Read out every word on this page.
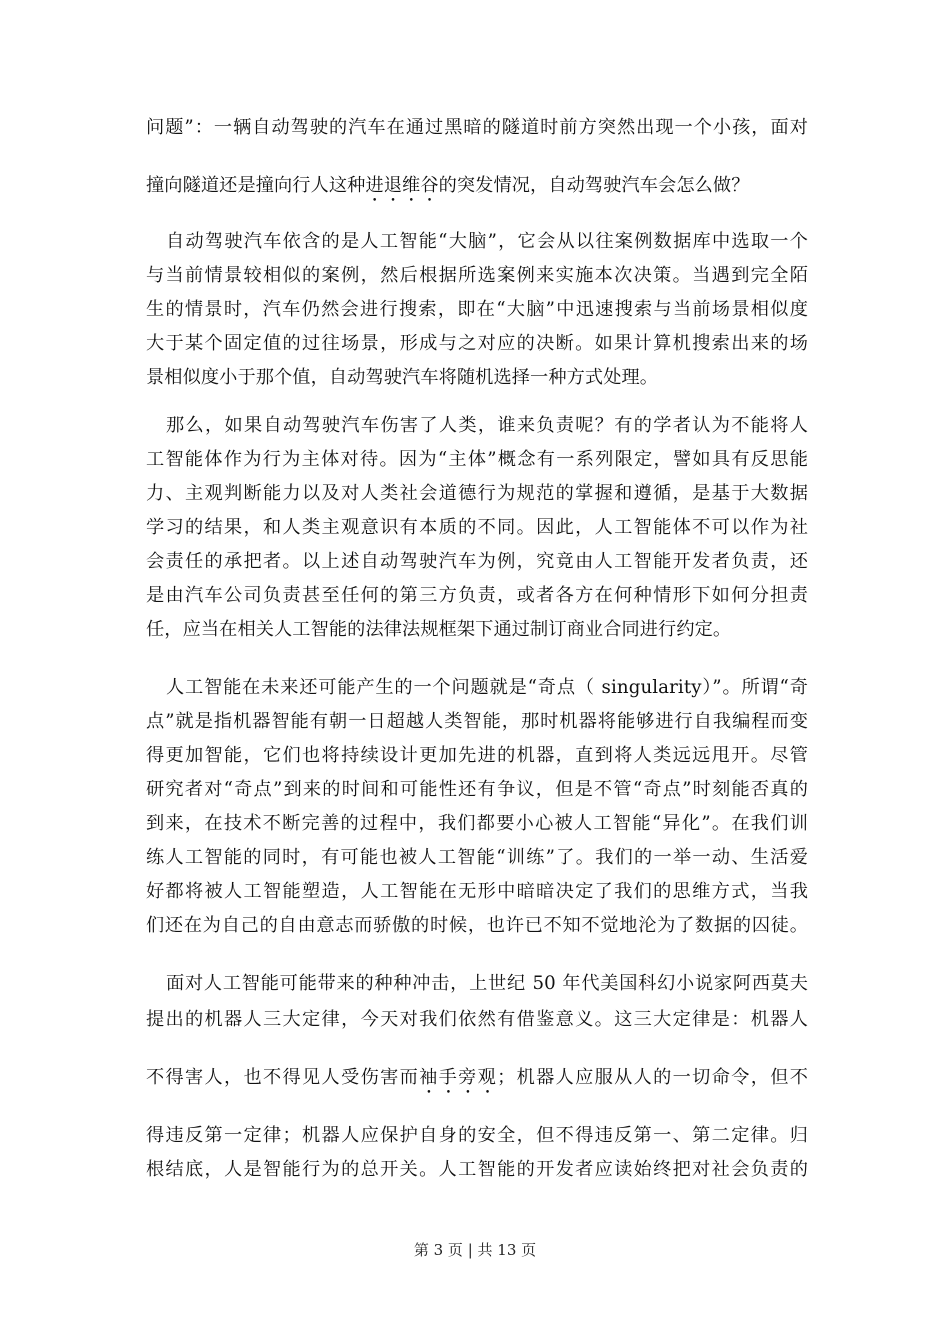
问题”：一辆自动驾驶的汽车在通过黑暗的隧道时前方突然出现一个小孩，面对
撞向隧道还是撞向行人这种进退维谷的突发情况，自动驾驶汽车会怎么做？
自动驾驶汽车依含的是人工智能“大脑”，它会从以往案例数据库中选取一个
与当前情景较相似的案例，然后根据所选案例来实施本次决策。当遇到完全陌
生的情景时，汽车仍然会进行搜索，即在“大脑”中迅速搜索与当前场景相似度
大于某个固定值的过往场景，形成与之对应的决断。如果计算机搜索出来的场
景相似度小于那个值，自动驾驶汽车将随机选择一种方式处理。
那么，如果自动驾驶汽车伤害了人类，谁来负责呢？有的学者认为不能将人
工智能体作为行为主体对待。因为“主体”概念有一系列限定，譬如具有反思能
力、主观判断能力以及对人类社会道德行为规范的掌握和遵循，是基于大数据
学习的结果，和人类主观意识有本质的不同。因此，人工智能体不可以作为社
会责任的承把者。以上述自动驾驶汽车为例，究竟由人工智能开发者负责，还
是由汽车公司负责甚至任何的第三方负责，或者各方在何种情形下如何分担责
任，应当在相关人工智能的法律法规框架下通过制订商业合同进行约定。
人工智能在未来还可能产生的一个问题就是“奇点（ singularity）”。所谓“奇
点”就是指机器智能有朝一日超越人类智能，那时机器将能够进行自我编程而变
得更加智能，它们也将持续设计更加先进的机器，直到将人类远远甩开。尽管
研究者对“奇点”到来的时间和可能性还有争议，但是不管“奇点”时刻能否真的
到来，在技术不断完善的过程中，我们都要小心被人工智能“异化”。在我们训
练人工智能的同时，有可能也被人工智能“训练”了。我们的一举一动、生活爱
好都将被人工智能塑造，人工智能在无形中暗暗决定了我们的思维方式，当我
们还在为自己的自由意志而骄傲的时候，也许已不知不觉地沦为了数据的囚徒。
面对人工智能可能带来的种种冲击，上世纪 50 年代美国科幻小说家阿西莫夫
提出的机器人三大定律，今天对我们依然有借鉴意义。这三大定律是：机器人
不得害人，也不得见人受伤害而袖手旁观；机器人应服从人的一切命令，但不
得违反第一定律；机器人应保护自身的安全，但不得违反第一、第二定律。归
根结底，人是智能行为的总开关。人工智能的开发者应读始终把对社会负责的
第 3 页 | 共 13 页
